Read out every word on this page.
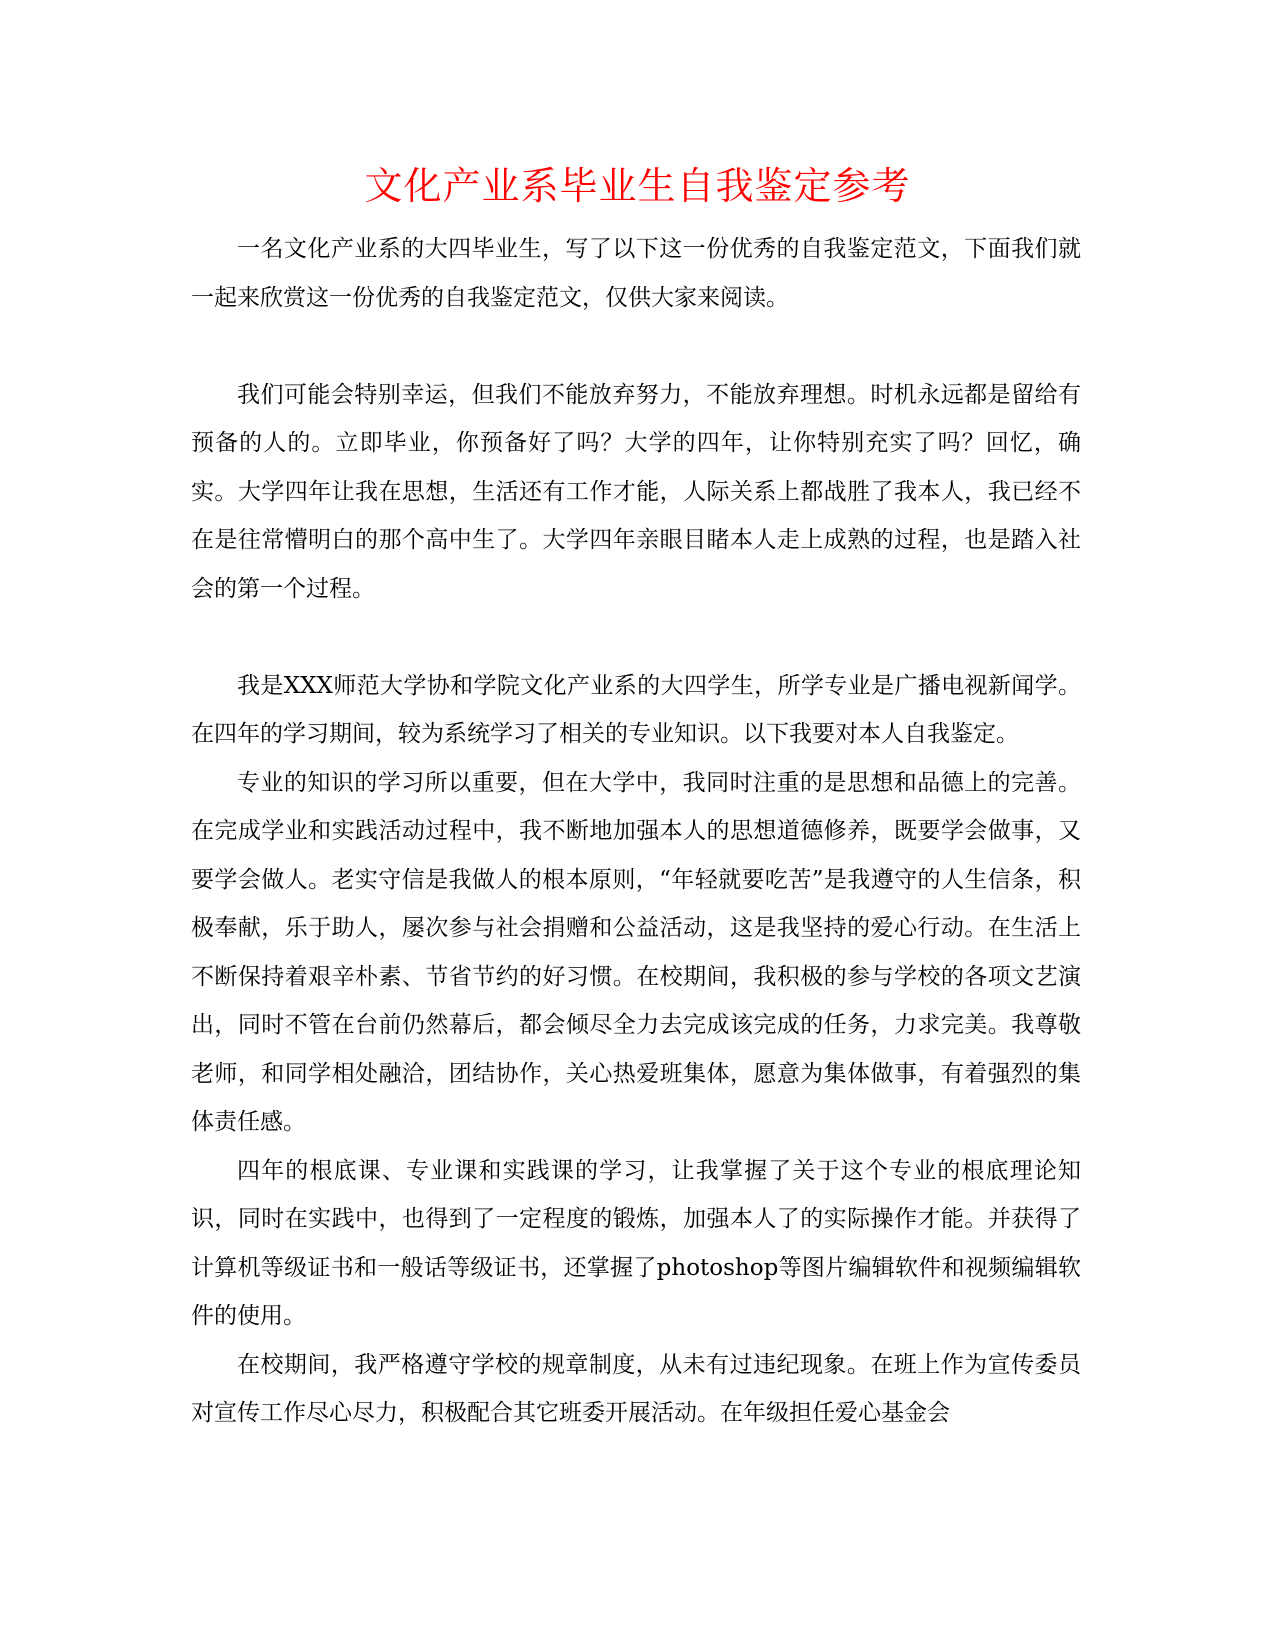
文化产业系毕业生自我鉴定参考

一名文化产业系的大四毕业生，写了以下这一份优秀的自我鉴定范文，下面我们就一起来欣赏这一份优秀的自我鉴定范文，仅供大家来阅读。

我们可能会特别幸运，但我们不能放弃努力，不能放弃理想。时机永远都是留给有预备的人的。立即毕业，你预备好了吗？大学的四年，让你特别充实了吗？回忆，确实。大学四年让我在思想，生活还有工作才能，人际关系上都战胜了我本人，我已经不在是往常懵明白的那个高中生了。大学四年亲眼目睹本人走上成熟的过程，也是踏入社会的第一个过程。

我是XXX师范大学协和学院文化产业系的大四学生，所学专业是广播电视新闻学。在四年的学习期间，较为系统学习了相关的专业知识。以下我要对本人自我鉴定。

专业的知识的学习所以重要，但在大学中，我同时注重的是思想和品德上的完善。在完成学业和实践活动过程中，我不断地加强本人的思想道德修养，既要学会做事，又要学会做人。老实守信是我做人的根本原则，“年轻就要吃苦”是我遵守的人生信条，积极奉献，乐于助人，屡次参与社会捐赠和公益活动，这是我坚持的爱心行动。在生活上不断保持着艰辛朴素、节省节约的好习惯。在校期间，我积极的参与学校的各项文艺演出，同时不管在台前仍然幕后，都会倾尽全力去完成该完成的任务，力求完美。我尊敬老师，和同学相处融洽，团结协作，关心热爱班集体，愿意为集体做事，有着强烈的集体责任感。

四年的根底课、专业课和实践课的学习，让我掌握了关于这个专业的根底理论知识，同时在实践中，也得到了一定程度的锻炼，加强本人了的实际操作才能。并获得了计算机等级证书和一般话等级证书，还掌握了photoshop等图片编辑软件和视频编辑软件的使用。

在校期间，我严格遵守学校的规章制度，从未有过违纪现象。在班上作为宣传委员对宣传工作尽心尽力，积极配合其它班委开展活动。在年级担任爱心基金会
